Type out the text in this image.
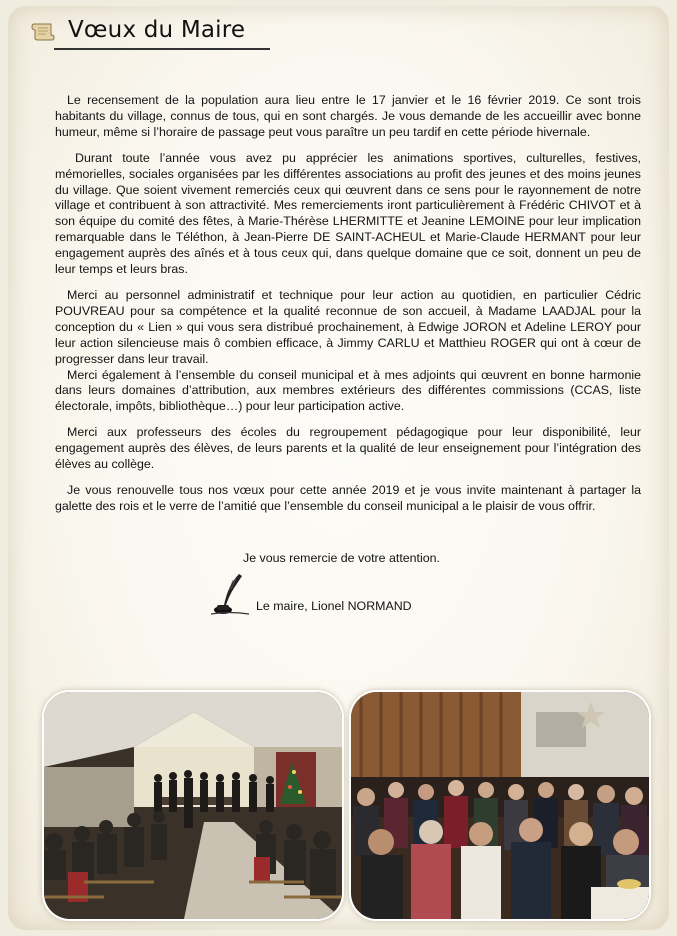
Vœux du Maire

Le recensement de la population aura lieu entre le 17 janvier et le 16 février 2019. Ce sont trois habitants du village, connus de tous, qui en sont chargés. Je vous demande de les accueillir avec bonne humeur, même si l’horaire de passage peut vous paraître un peu tardif en cette période hivernale.

Durant toute l’année vous avez pu apprécier les animations sportives, culturelles, festives, mémorielles, sociales organisées par les différentes associations au profit des jeunes et des moins jeunes du village. Que soient vivement remerciés ceux qui œuvrent dans ce sens pour le rayonnement de notre village et contribuent à son attractivité. Mes remerciements iront particulièrement à Frédéric CHIVOT et à son équipe du comité des fêtes, à Marie-Thérèse LHERMITTE et Jeanine LEMOINE pour leur implication remarquable dans le Téléthon, à Jean-Pierre DE SAINT-ACHEUL et Marie-Claude HERMANT pour leur engagement auprès des aînés et à tous ceux qui, dans quelque domaine que ce soit, donnent un peu de leur temps et leurs bras.

Merci au personnel administratif et technique pour leur action au quotidien, en particulier Cédric POUVREAU pour sa compétence et la qualité reconnue de son accueil, à Madame LAADJAL pour la conception du « Lien » qui vous sera distribué prochainement, à Edwige JORON et Adeline LEROY pour leur action silencieuse mais ô combien efficace, à Jimmy CARLU et Matthieu ROGER qui ont à cœur de progresser dans leur travail.

Merci également à l’ensemble du conseil municipal et à mes adjoints qui œuvrent en bonne harmonie dans leurs domaines d’attribution, aux membres extérieurs des différentes commissions (CCAS, liste électorale, impôts, bibliothèque…) pour leur participation active.

Merci aux professeurs des écoles du regroupement pédagogique pour leur disponibilité, leur engagement auprès des élèves, de leurs parents et la qualité de leur enseignement pour l’intégration des élèves au collège.

Je vous renouvelle tous nos vœux pour cette année 2019 et je vous invite maintenant à partager la galette des rois et le verre de l’amitié que l’ensemble du conseil municipal a le plaisir de vous offrir.

Je vous remercie de votre attention.
Le maire, Lionel NORMAND
